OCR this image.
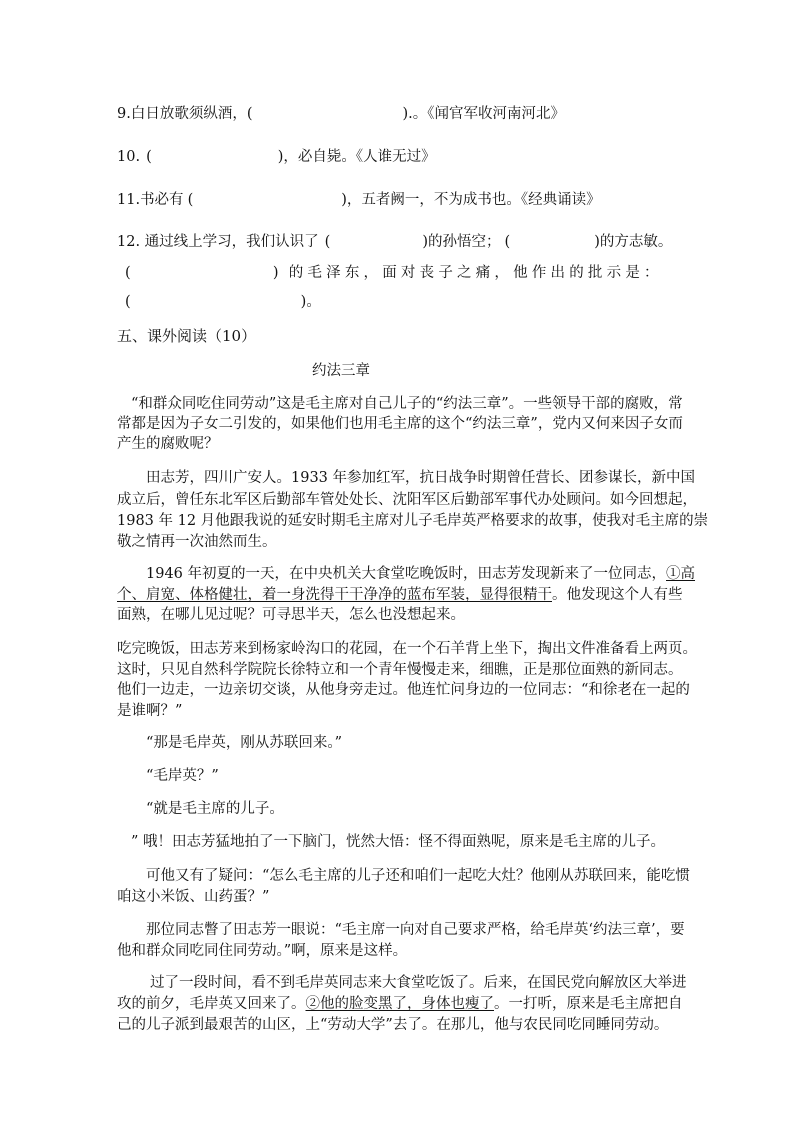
9.白日放歌须纵酒，(	).。《闻官军收河南河北》
10. (	)，必自毙。《人谁无过》
11.书必有 (	)，五者阙一，不为成书也。《经典诵读》
12. 通过线上学习，我们认识了 (	)的孙悟空； (	)的方志敏。
(	) 的毛泽东，面对丧子之痛，他作出的批示是：
(	)。
五、课外阅读（10）
约法三章
“和群众同吃住同劳动”这是毛主席对自己儿子的“约法三章”。一些领导干部的腐败，常
常都是因为子女二引发的，如果他们也用毛主席的这个“约法三章”，党内又何来因子女而
产生的腐败呢？
田志芳，四川广安人。1933 年参加红军，抗日战争时期曾任营长、团参谋长，新中国
成立后，曾任东北军区后勤部车管处处长、沈阳军区后勤部军事代办处顾问。如今回想起，
1983 年 12 月他跟我说的延安时期毛主席对儿子毛岸英严格要求的故事，使我对毛主席的崇
敬之情再一次油然而生。
1946 年初夏的一天，在中央机关大食堂吃晚饭时，田志芳发现新来了一位同志，①高
个、肩宽、体格健壮，着一身洗得干干净净的蓝布军装，显得很精干。他发现这个人有些
面熟，在哪儿见过呢？可寻思半天，怎么也没想起来。
吃完晚饭，田志芳来到杨家岭沟口的花园，在一个石羊背上坐下，掏出文件准备看上两页。
这时，只见自然科学院院长徐特立和一个青年慢慢走来，细瞧，正是那位面熟的新同志。
他们一边走，一边亲切交谈，从他身旁走过。他连忙问身边的一位同志：“和徐老在一起的
是谁啊？”
“那是毛岸英，刚从苏联回来。”
“毛岸英？”
“就是毛主席的儿子。
” 哦！田志芳猛地拍了一下脑门，恍然大悟：怪不得面熟呢，原来是毛主席的儿子。
可他又有了疑问：“怎么毛主席的儿子还和咱们一起吃大灶？他刚从苏联回来，能吃惯
咱这小米饭、山药蛋？”
那位同志瞥了田志芳一眼说：“毛主席一向对自己要求严格，给毛岸英‘约法三章’，要
他和群众同吃同住同劳动。”啊，原来是这样。
过了一段时间，看不到毛岸英同志来大食堂吃饭了。后来，在国民党向解放区大举进
攻的前夕，毛岸英又回来了。②他的脸变黑了，身体也瘦了。一打听，原来是毛主席把自
己的儿子派到最艰苦的山区，上“劳动大学”去了。在那儿，他与农民同吃同睡同劳动。
